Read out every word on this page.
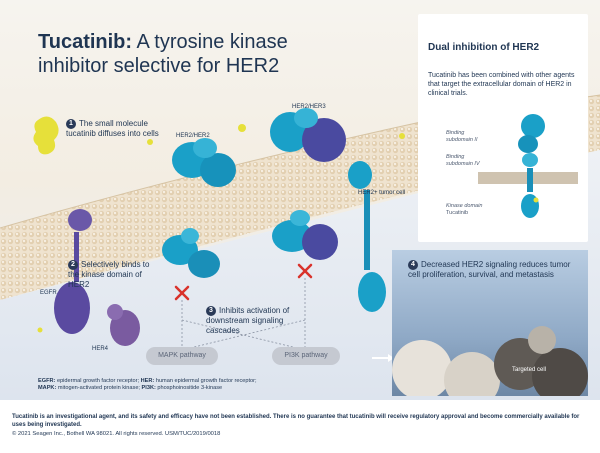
Tucatinib: A tyrosine kinase inhibitor selective for HER2
1 The small molecule tucatinib diffuses into cells
2 Selectively binds to the kinase domain of HER2
3 Inhibits activation of downstream signaling cascades
HER2/HER2
HER2/HER3
HER2+ tumor cell
EGFR
HER4
MAPK pathway	PI3K pathway
Dual inhibition of HER2
Tucatinib has been combined with other agents that target the extracellular domain of HER2 in clinical trials.
Binding subdomain II
Binding subdomain IV
Kinase domain
Tucatinib
4 Decreased HER2 signaling reduces tumor cell proliferation, survival, and metastasis
Targeted cell
EGFR: epidermal growth factor receptor; HER: human epidermal growth factor receptor;
MAPK: mitogen-activated protein kinase; PI3K: phosphoinositide 3-kinase
Tucatinib is an investigational agent, and its safety and efficacy have not been established. There is no guarantee that tucatinib will receive regulatory approval and become commercially available for uses being investigated.
© 2021 Seagen Inc., Bothell WA 98021. All rights reserved. USM/TUC/2019/0018
